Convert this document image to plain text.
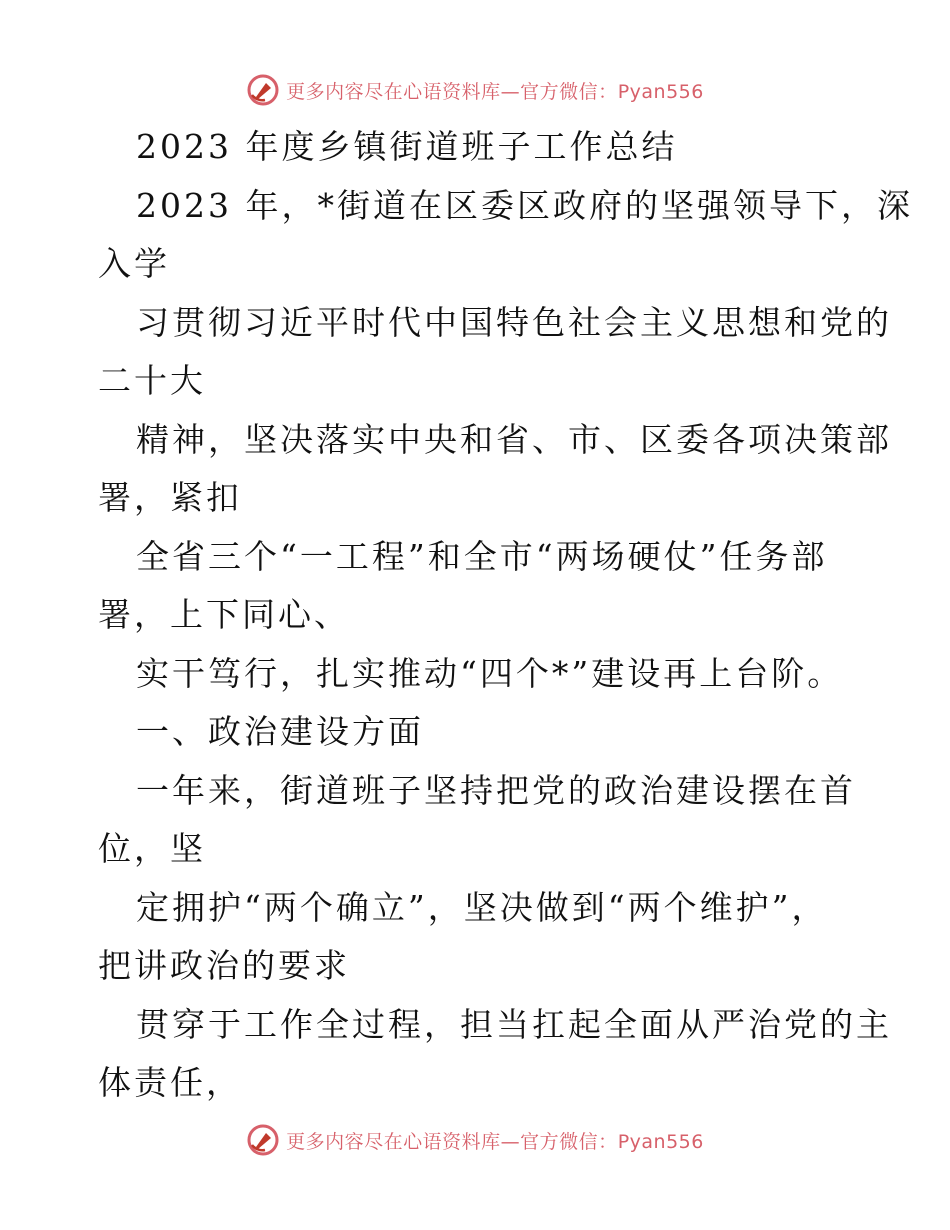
更多内容尽在心语资料库—官方微信：Pyan556
2023 年度乡镇街道班子工作总结
2023 年，*街道在区委区政府的坚强领导下，深
入学
习贯彻习近平时代中国特色社会主义思想和党的
二十大
精神，坚决落实中央和省、市、区委各项决策部
署，紧扣
全省三个“一工程”和全市“两场硬仗”任务部
署，上下同心、
实干笃行，扎实推动“四个*”建设再上台阶。
一、政治建设方面
一年来，街道班子坚持把党的政治建设摆在首
位，坚
定拥护“两个确立”，坚决做到“两个维护”，
把讲政治的要求
贯穿于工作全过程，担当扛起全面从严治党的主
体责任，
更多内容尽在心语资料库—官方微信：Pyan556
